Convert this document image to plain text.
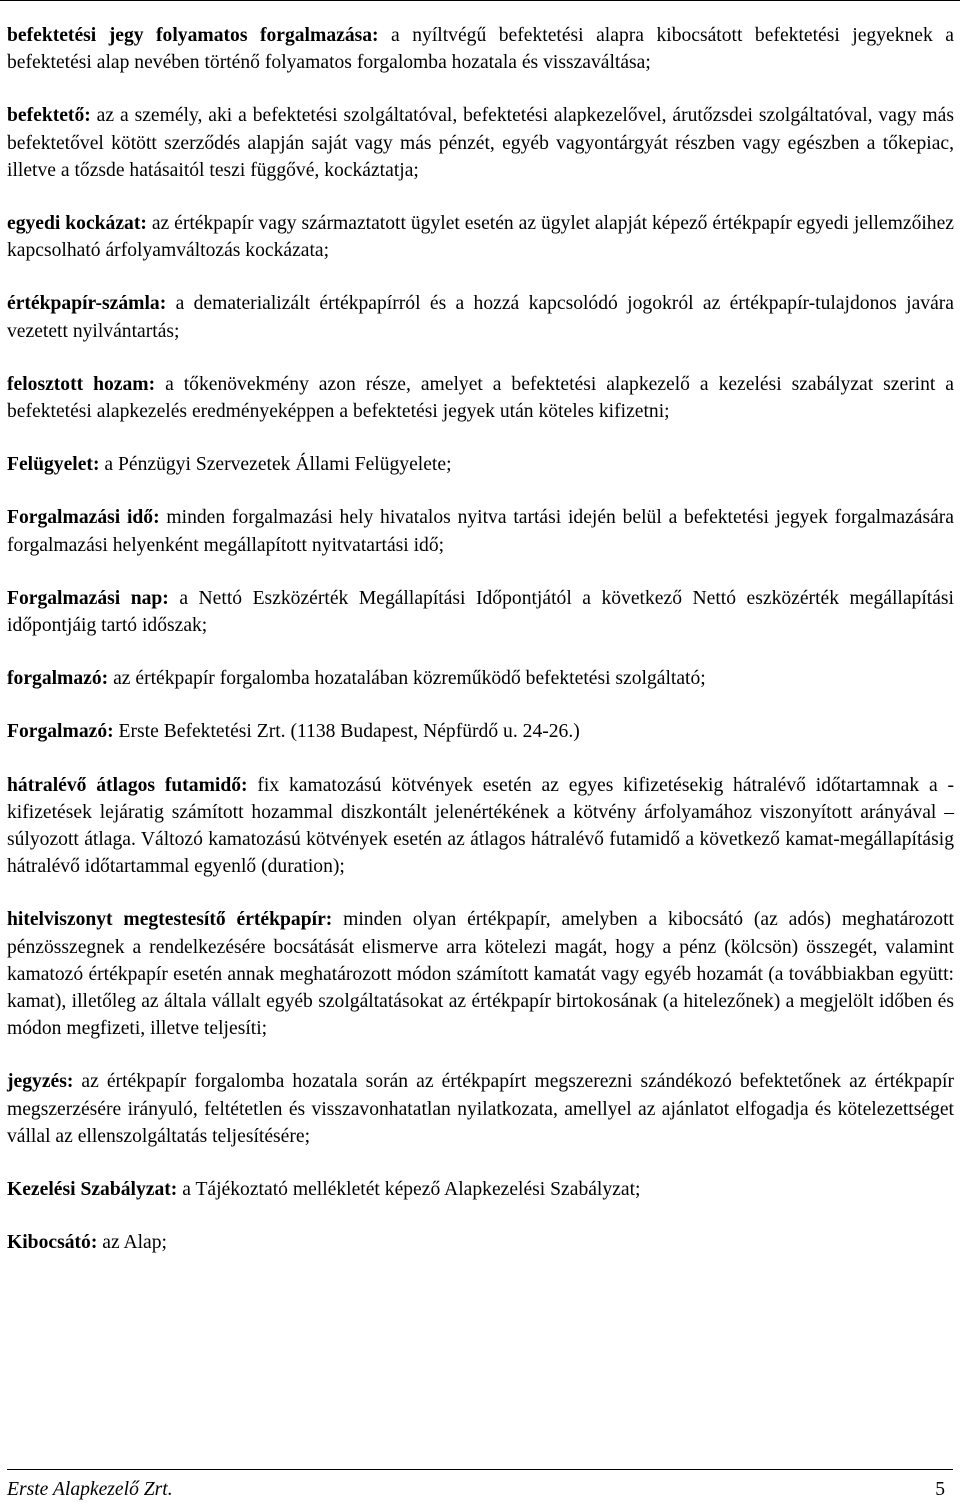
befektetési jegy folyamatos forgalmazása: a nyíltvégű befektetési alapra kibocsátott befektetési jegyeknek a befektetési alap nevében történő folyamatos forgalomba hozatala és visszaváltása;

befektető: az a személy, aki a befektetési szolgáltatóval, befektetési alapkezelővel, árutőzsdei szolgáltatóval, vagy más befektetővel kötött szerződés alapján saját vagy más pénzét, egyéb vagyontárgyát részben vagy egészben a tőkepiac, illetve a tőzsde hatásaitól teszi függővé, kockáztatja;

egyedi kockázat: az értékpapír vagy származtatott ügylet esetén az ügylet alapját képező értékpapír egyedi jellemzőihez kapcsolható árfolyamváltozás kockázata;

értékpapír-számla: a dematerializált értékpapírról és a hozzá kapcsolódó jogokról az értékpapír-tulajdonos javára vezetett nyilvántartás;

felosztott hozam: a tőkenövekmény azon része, amelyet a befektetési alapkezelő a kezelési szabályzat szerint a befektetési alapkezelés eredményeképpen a befektetési jegyek után köteles kifizetni;

Felügyelet: a Pénzügyi Szervezetek Állami Felügyelete;

Forgalmazási idő: minden forgalmazási hely hivatalos nyitva tartási idején belül a befektetési jegyek forgalmazására forgalmazási helyenként megállapított nyitvatartási idő;

Forgalmazási nap: a Nettó Eszközérték Megállapítási Időpontjától a következő Nettó eszközérték megállapítási időpontjáig tartó időszak;

forgalmazó: az értékpapír forgalomba hozatalában közreműködő befektetési szolgáltató;

Forgalmazó: Erste Befektetési Zrt. (1138 Budapest, Népfürdő u. 24-26.)

hátralévő átlagos futamidő: fix kamatozású kötvények esetén az egyes kifizetésekig hátralévő időtartamnak a - kifizetések lejáratig számított hozammal diszkontált jelenértékének a kötvény árfolyamához viszonyított arányával – súlyozott átlaga. Változó kamatozású kötvények esetén az átlagos hátralévő futamidő a következő kamat-megállapításig hátralévő időtartammal egyenlő (duration);

hitelviszonyt megtestesítő értékpapír: minden olyan értékpapír, amelyben a kibocsátó (az adós) meghatározott pénzösszegnek a rendelkezésére bocsátását elismerve arra kötelezi magát, hogy a pénz (kölcsön) összegét, valamint kamatozó értékpapír esetén annak meghatározott módon számított kamatát vagy egyéb hozamát (a továbbiakban együtt: kamat), illetőleg az általa vállalt egyéb szolgáltatásokat az értékpapír birtokosának (a hitelezőnek) a megjelölt időben és módon megfizeti, illetve teljesíti;

jegyzés: az értékpapír forgalomba hozatala során az értékpapírt megszerezni szándékozó befektetőnek az értékpapír megszerzésére irányuló, feltétetlen és visszavonhatatlan nyilatkozata, amellyel az ajánlatot elfogadja és kötelezettséget vállal az ellenszolgáltatás teljesítésére;

Kezelési Szabályzat: a Tájékoztató mellékletét képező Alapkezelési Szabályzat;

Kibocsátó: az Alap;

Erste Alapkezelő Zrt.	5
